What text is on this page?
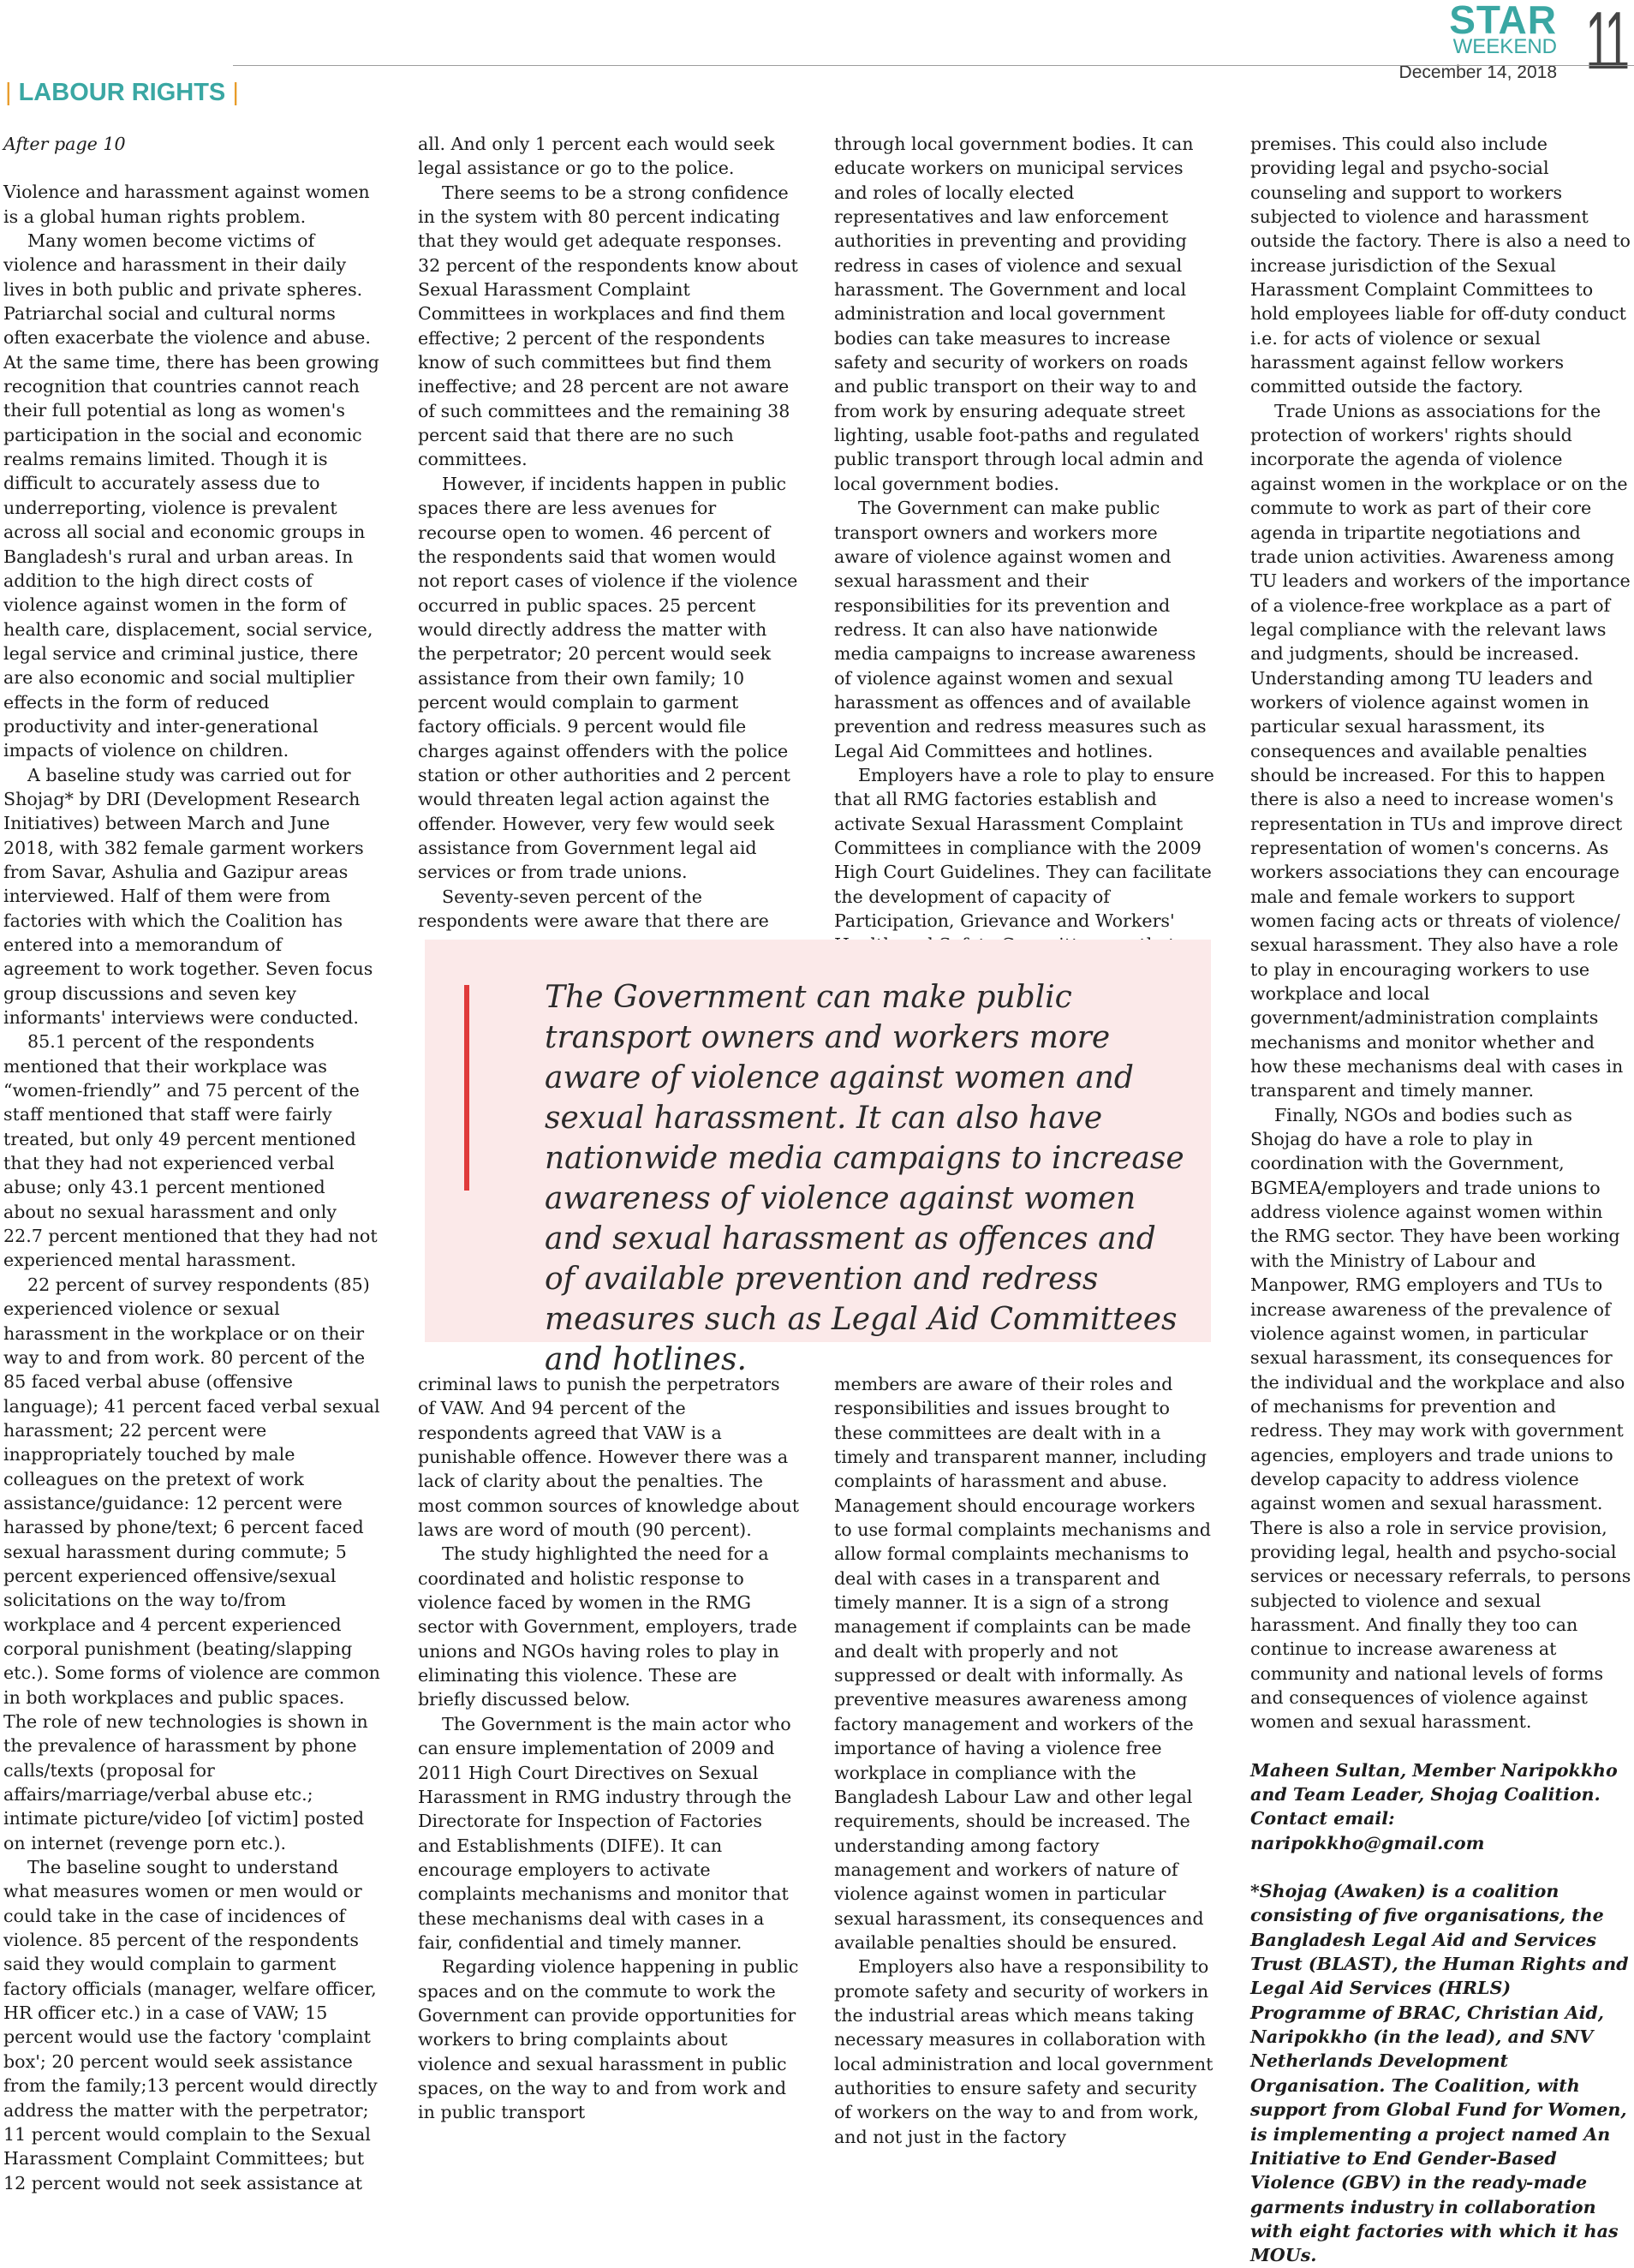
STAR
WEEKEND
December 14, 2018 11
| LABOUR RIGHTS |

After page 10

Violence and harassment against women is a global human rights problem.

Many women become victims of violence and harassment in their daily lives in both public and private spheres. Patriarchal social and cultural norms often exacerbate the violence and abuse. At the same time, there has been growing recognition that countries cannot reach their full potential as long as women's participation in the social and economic realms remains limited. Though it is difficult to accurately assess due to underreporting, violence is prevalent across all social and economic groups in Bangladesh's rural and urban areas. In addition to the high direct costs of violence against women in the form of health care, displacement, social service, legal service and criminal justice, there are also economic and social multiplier effects in the form of reduced productivity and inter-generational impacts of violence on children.

A baseline study was carried out for Shojag* by DRI (Development Research Initiatives) between March and June 2018, with 382 female garment workers from Savar, Ashulia and Gazipur areas interviewed. Half of them were from factories with which the Coalition has entered into a memorandum of agreement to work together. Seven focus group discussions and seven key informants' interviews were conducted.

85.1 percent of the respondents mentioned that their workplace was “women-friendly” and 75 percent of the staff mentioned that staff were fairly treated, but only 49 percent mentioned that they had not experienced verbal abuse; only 43.1 percent mentioned about no sexual harassment and only 22.7 percent mentioned that they had not experienced mental harassment.

22 percent of survey respondents (85) experienced violence or sexual harassment in the workplace or on their way to and from work. 80 percent of the 85 faced verbal abuse (offensive language); 41 percent faced verbal sexual harassment; 22 percent were inappropriately touched by male colleagues on the pretext of work assistance/guidance: 12 percent were harassed by phone/text; 6 percent faced sexual harassment during commute; 5 percent experienced offensive/sexual solicitations on the way to/from workplace and 4 percent experienced corporal punishment (beating/slapping etc.). Some forms of violence are common in both workplaces and public spaces. The role of new technologies is shown in the prevalence of harassment by phone calls/texts (proposal for affairs/marriage/verbal abuse etc.; intimate picture/video [of victim] posted on internet (revenge porn etc.).

The baseline sought to understand what measures women or men would or could take in the case of incidences of violence. 85 percent of the respondents said they would complain to garment factory officials (manager, welfare officer, HR officer etc.) in a case of VAW; 15 percent would use the factory 'complaint box'; 20 percent would seek assistance from the family;13 percent would directly address the matter with the perpetrator; 11 percent would complain to the Sexual Harassment Complaint Committees; but 12 percent would not seek assistance at

all. And only 1 percent each would seek legal assistance or go to the police.

There seems to be a strong confidence in the system with 80 percent indicating that they would get adequate responses. 32 percent of the respondents know about Sexual Harassment Complaint Committees in workplaces and find them effective; 2 percent of the respondents know of such committees but find them ineffective; and 28 percent are not aware of such committees and the remaining 38 percent said that there are no such committees.

However, if incidents happen in public spaces there are less avenues for recourse open to women. 46 percent of the respondents said that women would not report cases of violence if the violence occurred in public spaces. 25 percent would directly address the matter with the perpetrator; 20 percent would seek assistance from their own family; 10 percent would complain to garment factory officials. 9 percent would file charges against offenders with the police station or other authorities and 2 percent would threaten legal action against the offender. However, very few would seek assistance from Government legal aid services or from trade unions.

Seventy-seven percent of the respondents were aware that there are

through local government bodies. It can educate workers on municipal services and roles of locally elected representatives and law enforcement authorities in preventing and providing redress in cases of violence and sexual harassment. The Government and local administration and local government bodies can take measures to increase safety and security of workers on roads and public transport on their way to and from work by ensuring adequate street lighting, usable foot-paths and regulated public transport through local admin and local government bodies.

The Government can make public transport owners and workers more aware of violence against women and sexual harassment and their responsibilities for its prevention and redress. It can also have nationwide media campaigns to increase awareness of violence against women and sexual harassment as offences and of available prevention and redress measures such as Legal Aid Committees and hotlines.

Employers have a role to play to ensure that all RMG factories establish and activate Sexual Harassment Complaint Committees in compliance with the 2009 High Court Guidelines. They can facilitate the development of capacity of Participation, Grievance and Workers'

The Government can make public transport owners and workers more aware of violence against women and sexual harassment. It can also have nationwide media campaigns to increase awareness of violence against women and sexual harassment as offences and of available prevention and redress measures such as Legal Aid Committees and hotlines.

criminal laws to punish the perpetrators of VAW. And 94 percent of the respondents agreed that VAW is a punishable offence. However there was a lack of clarity about the penalties. The most common sources of knowledge about laws are word of mouth (90 percent).

The study highlighted the need for a coordinated and holistic response to violence faced by women in the RMG sector with Government, employers, trade unions and NGOs having roles to play in eliminating this violence. These are briefly discussed below.

The Government is the main actor who can ensure implementation of 2009 and 2011 High Court Directives on Sexual Harassment in RMG industry through the Directorate for Inspection of Factories and Establishments (DIFE). It can encourage employers to activate complaints mechanisms and monitor that these mechanisms deal with cases in a fair, confidential and timely manner.

Regarding violence happening in public spaces and on the commute to work the Government can provide opportunities for workers to bring complaints about violence and sexual harassment in public spaces, on the way to and from work and in public transport

members are aware of their roles and responsibilities and issues brought to these committees are dealt with in a timely and transparent manner, including complaints of harassment and abuse. Management should encourage workers to use formal complaints mechanisms and allow formal complaints mechanisms to deal with cases in a transparent and timely manner. It is a sign of a strong management if complaints can be made and dealt with properly and not suppressed or dealt with informally. As preventive measures awareness among factory management and workers of the importance of having a violence free workplace in compliance with the Bangladesh Labour Law and other legal requirements, should be increased. The understanding among factory management and workers of nature of violence against women in particular sexual harassment, its consequences and available penalties should be ensured.

Employers also have a responsibility to promote safety and security of workers in the industrial areas which means taking necessary measures in collaboration with local administration and local government authorities to ensure safety and security of workers on the way to and from work, and not just in the factory

premises. This could also include providing legal and psycho-social counseling and support to workers subjected to violence and harassment outside the factory. There is also a need to increase jurisdiction of the Sexual Harassment Complaint Committees to hold employees liable for off-duty conduct i.e. for acts of violence or sexual harassment against fellow workers committed outside the factory.

Trade Unions as associations for the protection of workers' rights should incorporate the agenda of violence against women in the workplace or on the commute to work as part of their core agenda in tripartite negotiations and trade union activities. Awareness among TU leaders and workers of the importance of a violence-free workplace as a part of legal compliance with the relevant laws and judgments, should be increased. Understanding among TU leaders and workers of violence against women in particular sexual harassment, its consequences and available penalties should be increased. For this to happen there is also a need to increase women's representation in TUs and improve direct representation of women's concerns. As workers associations they can encourage male and female workers to support women facing acts or threats of violence/ sexual harassment. They also have a role to play in encouraging workers to use workplace and local government/administration complaints mechanisms and monitor whether and how these mechanisms deal with cases in transparent and timely manner.

Finally, NGOs and bodies such as Shojag do have a role to play in coordination with the Government, BGMEA/employers and trade unions to address violence against women within the RMG sector. They have been working with the Ministry of Labour and Manpower, RMG employers and TUs to increase awareness of the prevalence of violence against women, in particular sexual harassment, its consequences for the individual and the workplace and also of mechanisms for prevention and redress. They may work with government agencies, employers and trade unions to develop capacity to address violence against women and sexual harassment. There is also a role in service provision, providing legal, health and psycho-social services or necessary referrals, to persons subjected to violence and sexual harassment. And finally they too can continue to increase awareness at community and national levels of forms and consequences of violence against women and sexual harassment.

Maheen Sultan, Member Naripokkho and Team Leader, Shojag Coalition. Contact email: naripokkho@gmail.com

*Shojag (Awaken) is a coalition consisting of five organisations, the Bangladesh Legal Aid and Services Trust (BLAST), the Human Rights and Legal Aid Services (HRLS) Programme of BRAC, Christian Aid, Naripokkho (in the lead), and SNV Netherlands Development Organisation. The Coalition, with support from Global Fund for Women, is implementing a project named An Initiative to End Gender-Based Violence (GBV) in the ready-made garments industry in collaboration with eight factories with which it has MOUs.
